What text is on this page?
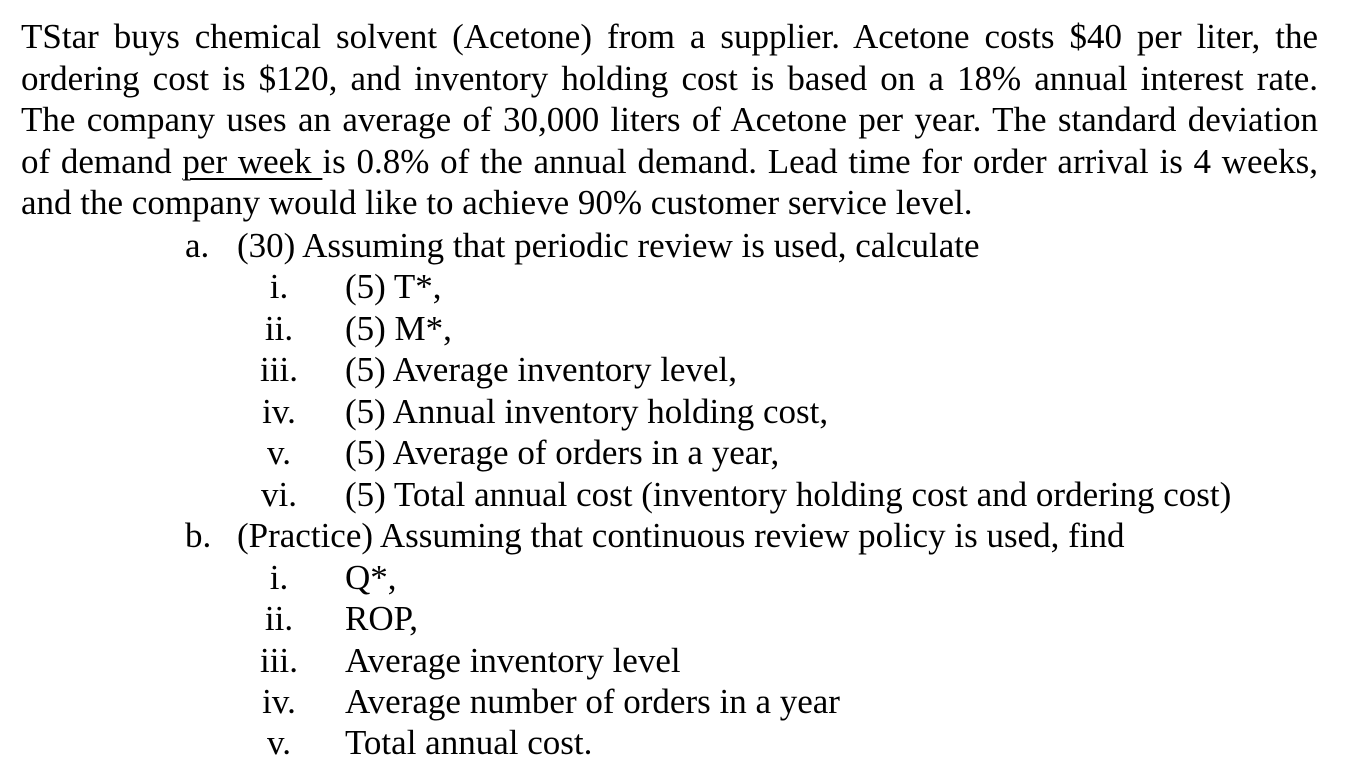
TStar buys chemical solvent (Acetone) from a supplier. Acetone costs $40 per liter, the
ordering cost is $120, and inventory holding cost is based on a 18% annual interest rate.
The company uses an average of 30,000 liters of Acetone per year. The standard deviation
of demand per week is 0.8% of the annual demand. Lead time for order arrival is 4 weeks,
and the company would like to achieve 90% customer service level.
a. (30) Assuming that periodic review is used, calculate
i.	(5) T*,
ii.	(5) M*,
iii. (5) Average inventory level,
iv.	(5) Annual inventory holding cost,
v.	(5) Average of orders in a year,
vi.	(5) Total annual cost (inventory holding cost and ordering cost)
b. (Practice) Assuming that continuous review policy is used, find
i.	Q*,
ii.	ROP,
iii. Average inventory level
iv.	Average number of orders in a year
v.	Total annual cost.
